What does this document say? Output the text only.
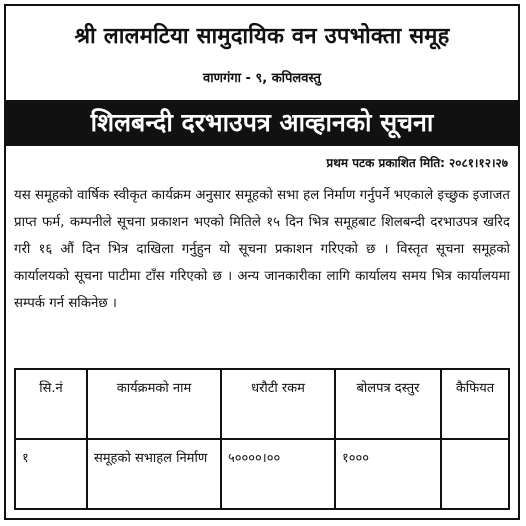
श्री लालमटिया सामुदायिक वन उपभोक्ता समूह
वाणगंगा - ९, कपिलवस्तु
शिलबन्दी दरभाउपत्र आव्हानको सूचना
प्रथम पटक प्रकाशित मिति: २०८१।१२।२७
यस समूहको वार्षिक स्वीकृत कार्यक्रम अनुसार समूहको सभा हल निर्माण गर्नुपर्ने भएकाले इच्छुक इजाजत प्राप्त फर्म, कम्पनीले सूचना प्रकाशन भएको मितिले १५ दिन भित्र समूहबाट शिलबन्दी दरभाउपत्र खरिद गरी १६ औं दिन भित्र दाखिला गर्नुहुन यो सूचना प्रकाशन गरिएको छ । विस्तृत सूचना समूहको कार्यालयको सूचना पाटीमा टाँस गरिएको छ । अन्य जानकारीका लागि कार्यालय समय भित्र कार्यालयमा सम्पर्क गर्न सकिनेछ ।
सि.नं	कार्यक्रमको नाम	धरौटी रकम	बोलपत्र दस्तुर	कैफियत
१	समूहको सभाहल निर्माण	५००००।००	१०००	
